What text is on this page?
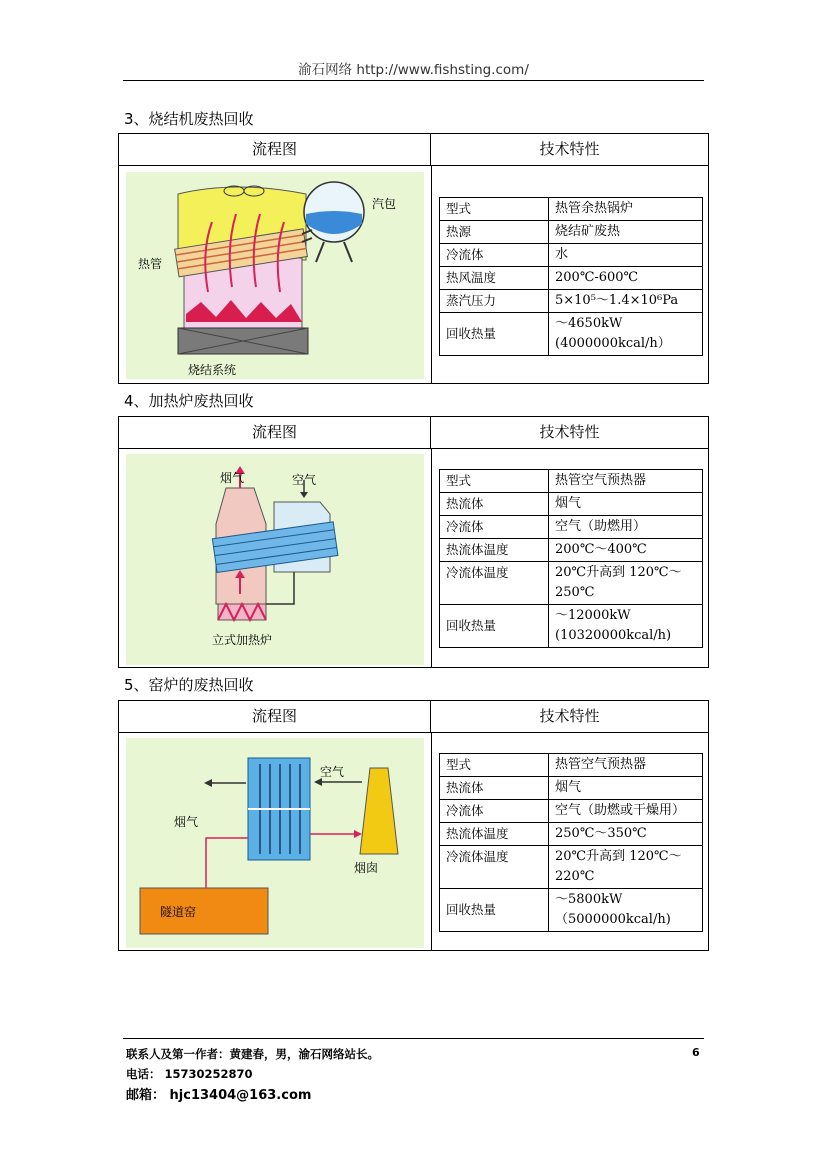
渝石网络 http://www.fishsting.com/
3、烧结机废热回收
流程图	技术特性
汽包
热管
烧结系统
型式	热管余热锅炉
热源	烧结矿废热
冷流体	水
热风温度	200℃-600℃
蒸汽压力	5×10⁵～1.4×10⁶Pa
回收热量	～4650kW
(4000000kcal/h）
4、加热炉废热回收
流程图	技术特性
烟气	空气
立式加热炉
型式	热管空气预热器
热流体	烟气
冷流体	空气（助燃用）
热流体温度	200℃～400℃
冷流体温度	20℃升高到 120℃～
250℃

回收热量	～12000kW
(10320000kcal/h)
5、窑炉的废热回收
流程图	技术特性
空气
烟气
烟囱
隧道窑
型式	热管空气预热器
热流体	烟气
冷流体	空气（助燃或干燥用）
热流体温度	250℃～350℃
冷流体温度	20℃升高到 120℃～
220℃

回收热量	～5800kW
（5000000kcal/h)
联系人及第一作者：黄建春，男，渝石网络站长。	6
电话： 15730252870
邮箱： hjc13404@163.com
